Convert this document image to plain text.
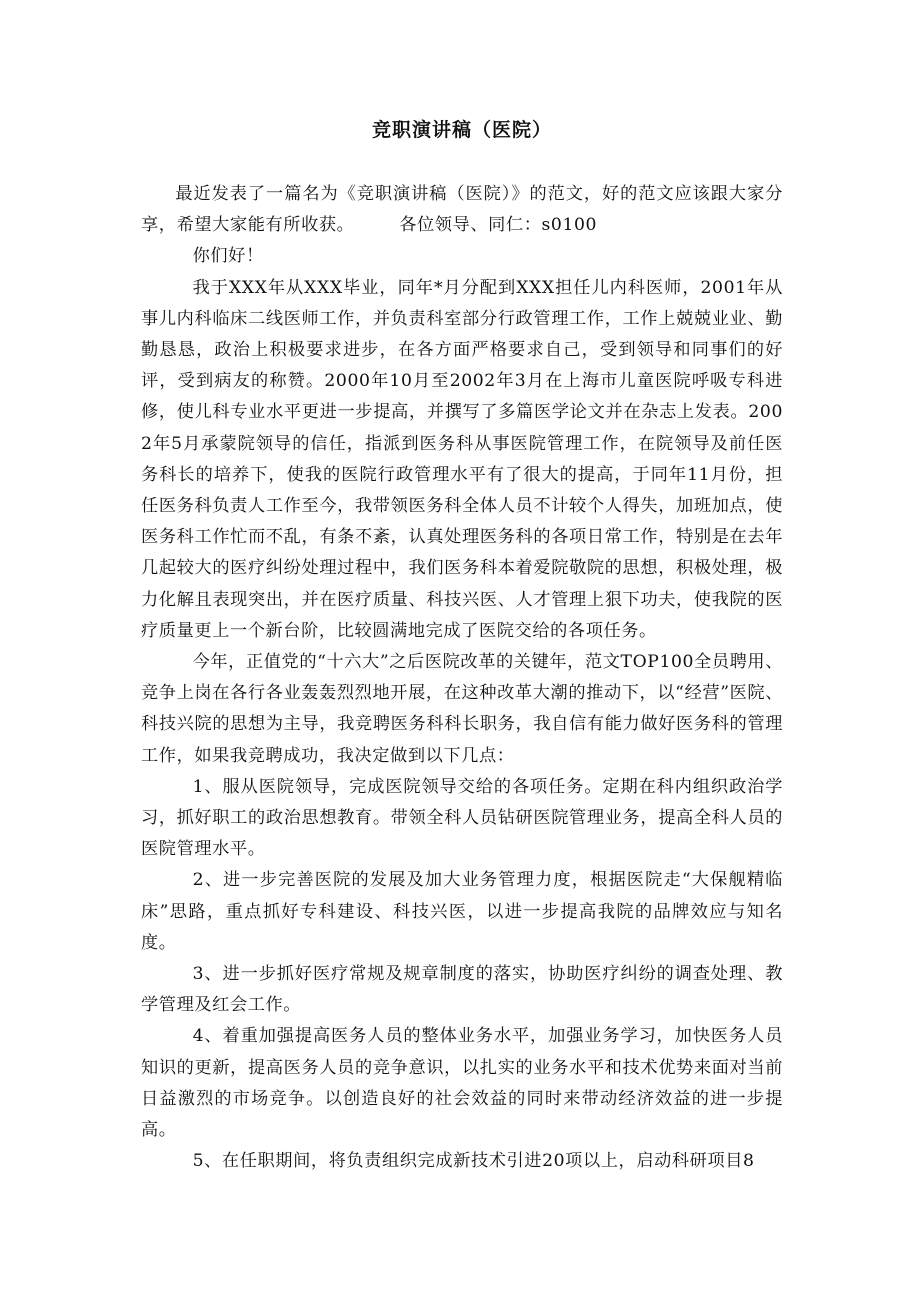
竞职演讲稿（医院）

最近发表了一篇名为《竞职演讲稿（医院）》的范文，好的范文应该跟大家分享，希望大家能有所收获。　　　各位领导、同仁：s0100

你们好！

我于XXX年从XXX毕业，同年*月分配到XXX担任儿内科医师，2001年从事儿内科临床二线医师工作，并负责科室部分行政管理工作，工作上兢兢业业、勤勤恳恳，政治上积极要求进步，在各方面严格要求自己，受到领导和同事们的好评，受到病友的称赞。2000年10月至2002年3月在上海市儿童医院呼吸专科进修，使儿科专业水平更进一步提高，并撰写了多篇医学论文并在杂志上发表。2002年5月承蒙院领导的信任，指派到医务科从事医院管理工作，在院领导及前任医务科长的培养下，使我的医院行政管理水平有了很大的提高，于同年11月份，担任医务科负责人工作至今，我带领医务科全体人员不计较个人得失，加班加点，使医务科工作忙而不乱，有条不紊，认真处理医务科的各项日常工作，特别是在去年几起较大的医疗纠纷处理过程中，我们医务科本着爱院敬院的思想，积极处理，极力化解且表现突出，并在医疗质量、科技兴医、人才管理上狠下功夫，使我院的医疗质量更上一个新台阶，比较圆满地完成了医院交给的各项任务。

今年，正值党的“十六大”之后医院改革的关键年，范文TOP100全员聘用、竞争上岗在各行各业轰轰烈烈地开展，在这种改革大潮的推动下，以“经营”医院、科技兴院的思想为主导，我竞聘医务科科长职务，我自信有能力做好医务科的管理工作，如果我竞聘成功，我决定做到以下几点：

1、服从医院领导，完成医院领导交给的各项任务。定期在科内组织政治学习，抓好职工的政治思想教育。带领全科人员钻研医院管理业务，提高全科人员的医院管理水平。

2、进一步完善医院的发展及加大业务管理力度，根据医院走“大保舰精临床”思路，重点抓好专科建设、科技兴医，以进一步提高我院的品牌效应与知名度。

3、进一步抓好医疗常规及规章制度的落实，协助医疗纠纷的调查处理、教学管理及红会工作。

4、着重加强提高医务人员的整体业务水平，加强业务学习，加快医务人员知识的更新，提高医务人员的竞争意识，以扎实的业务水平和技术优势来面对当前日益激烈的市场竞争。以创造良好的社会效益的同时来带动经济效益的进一步提高。

5、在任职期间，将负责组织完成新技术引进20项以上，启动科研项目8
